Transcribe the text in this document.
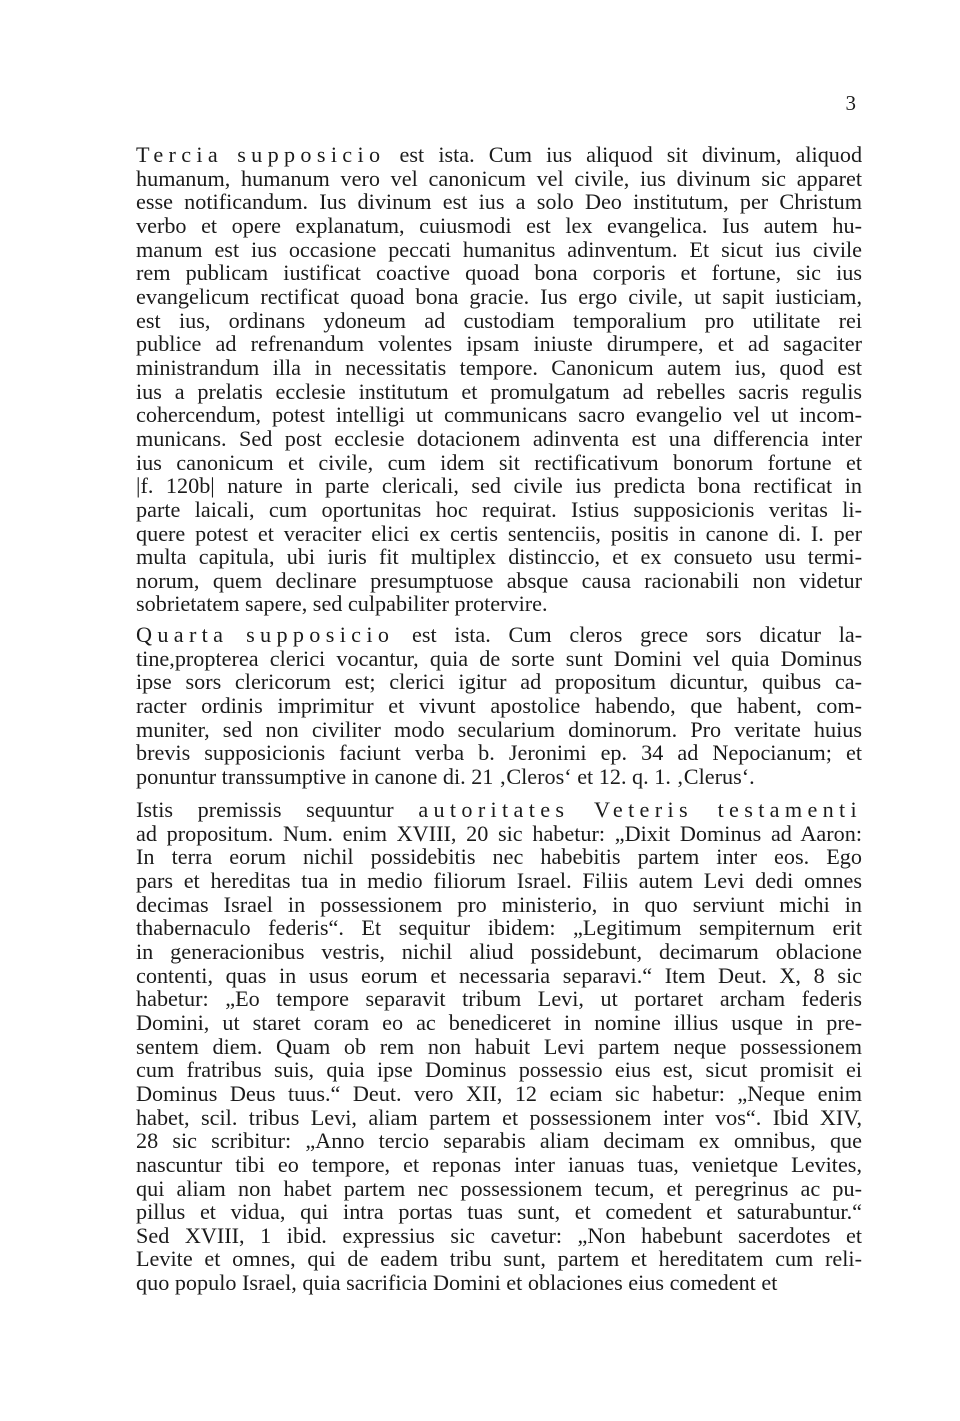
3
Tercia supposicio est ista. Cum ius aliquod sit divinum, aliquod
humanum, humanum vero vel canonicum vel civile, ius divinum sic apparet
esse notificandum. Ius divinum est ius a solo Deo institutum, per Christum
verbo et opere explanatum, cuiusmodi est lex evangelica. Ius autem hu-
manum est ius occasione peccati humanitus adinventum. Et sicut ius civile
rem publicam iustificat coactive quoad bona corporis et fortune, sic ius
evangelicum rectificat quoad bona gracie. Ius ergo civile, ut sapit iusticiam,
est ius, ordinans ydoneum ad custodiam temporalium pro utilitate rei
publice ad refrenandum volentes ipsam iniuste dirumpere, et ad sagaciter
ministrandum illa in necessitatis tempore. Canonicum autem ius, quod est
ius a prelatis ecclesie institutum et promulgatum ad rebelles sacris regulis
cohercendum, potest intelligi ut communicans sacro evangelio vel ut incom-
municans. Sed post ecclesie dotacionem adinventa est una differencia inter
ius canonicum et civile, cum idem sit rectificativum bonorum fortune et
|f. 120b| nature in parte clericali, sed civile ius predicta bona rectificat in
parte laicali, cum oportunitas hoc requirat. Istius supposicionis veritas li-
quere potest et veraciter elici ex certis sentenciis, positis in canone di. I. per
multa capitula, ubi iuris fit multiplex distinccio, et ex consueto usu termi-
norum, quem declinare presumptuose absque causa racionabili non videtur
sobrietatem sapere, sed culpabiliter protervire.
Quarta supposicio est ista. Cum cleros grece sors dicatur la-
tine,propterea clerici vocantur, quia de sorte sunt Domini vel quia Dominus
ipse sors clericorum est; clerici igitur ad propositum dicuntur, quibus ca-
racter ordinis imprimitur et vivunt apostolice habendo, que habent, com-
muniter, sed non civiliter modo secularium dominorum. Pro veritate huius
brevis supposicionis faciunt verba b. Jeronimi ep. 34 ad Nepocianum; et
ponuntur transsumptive in canone di. 21 ‚Cleros‘ et 12. q. 1. ‚Clerus‘.
Istis premissis sequuntur autoritates Veteris testamenti
ad propositum. Num. enim XVIII, 20 sic habetur: „Dixit Dominus ad Aaron:
In terra eorum nichil possidebitis nec habebitis partem inter eos. Ego
pars et hereditas tua in medio filiorum Israel. Filiis autem Levi dedi omnes
decimas Israel in possessionem pro ministerio, in quo serviunt michi in
thabernaculo federis“. Et sequitur ibidem: „Legitimum sempiternum erit
in generacionibus vestris, nichil aliud possidebunt, decimarum oblacione
contenti, quas in usus eorum et necessaria separavi.“ Item Deut. X, 8 sic
habetur: „Eo tempore separavit tribum Levi, ut portaret archam federis
Domini, ut staret coram eo ac benediceret in nomine illius usque in pre-
sentem diem. Quam ob rem non habuit Levi partem neque possessionem
cum fratribus suis, quia ipse Dominus possessio eius est, sicut promisit ei
Dominus Deus tuus.“ Deut. vero XII, 12 eciam sic habetur: „Neque enim
habet, scil. tribus Levi, aliam partem et possessionem inter vos“. Ibid XIV,
28 sic scribitur: „Anno tercio separabis aliam decimam ex omnibus, que
nascuntur tibi eo tempore, et reponas inter ianuas tuas, venietque Levites,
qui aliam non habet partem nec possessionem tecum, et peregrinus ac pu-
pillus et vidua, qui intra portas tuas sunt, et comedent et saturabuntur.“
Sed XVIII, 1 ibid. expressius sic cavetur: „Non habebunt sacerdotes et
Levite et omnes, qui de eadem tribu sunt, partem et hereditatem cum reli-
quo populo Israel, quia sacrificia Domini et oblaciones eius comedent et
